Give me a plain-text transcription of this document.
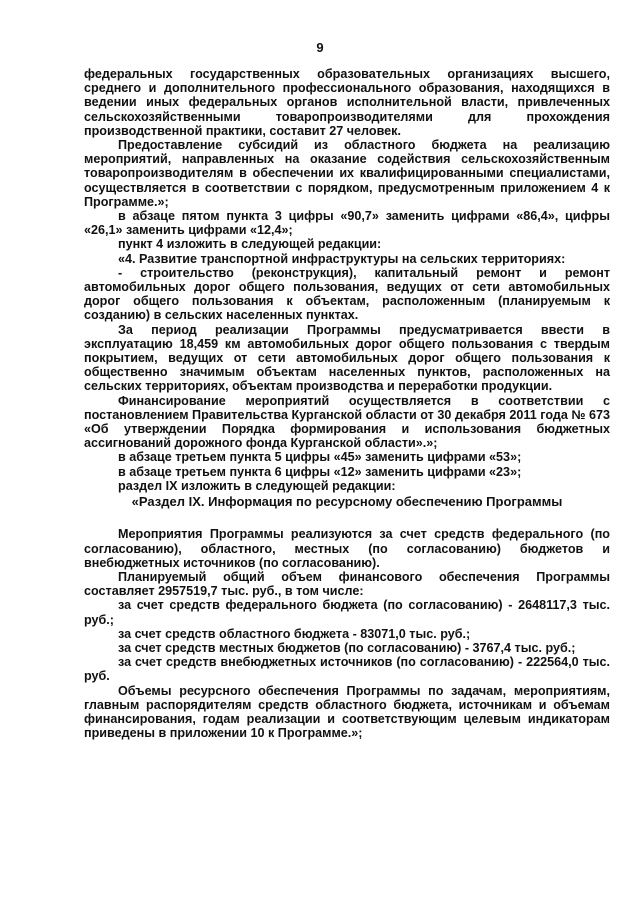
9

федеральных государственных образовательных организациях высшего, среднего и дополнительного профессионального образования, находящихся в ведении иных федеральных органов исполнительной власти, привлеченных сельскохозяйственными товаропроизводителями для прохождения производственной практики, составит 27 человек.

Предоставление субсидий из областного бюджета на реализацию мероприятий, направленных на оказание содействия сельскохозяйственным товаропроизводителям в обеспечении их квалифицированными специалистами, осуществляется в соответствии с порядком, предусмотренным приложением 4 к Программе.»;

в абзаце пятом пункта 3 цифры «90,7» заменить цифрами «86,4», цифры «26,1» заменить цифрами «12,4»;

пункт 4 изложить в следующей редакции:

«4. Развитие транспортной инфраструктуры на сельских территориях:

- строительство (реконструкция), капитальный ремонт и ремонт автомобильных дорог общего пользования, ведущих от сети автомобильных дорог общего пользования к объектам, расположенным (планируемым к созданию) в сельских населенных пунктах.

За период реализации Программы предусматривается ввести в эксплуатацию 18,459 км автомобильных дорог общего пользования с твердым покрытием, ведущих от сети автомобильных дорог общего пользования к общественно значимым объектам населенных пунктов, расположенных на сельских территориях, объектам производства и переработки продукции.

Финансирование мероприятий осуществляется в соответствии с постановлением Правительства Курганской области от 30 декабря 2011 года № 673 «Об утверждении Порядка формирования и использования бюджетных ассигнований дорожного фонда Курганской области».»;

в абзаце третьем пункта 5 цифры «45» заменить цифрами «53»;

в абзаце третьем пункта 6 цифры «12» заменить цифрами «23»;

раздел IX изложить в следующей редакции:

«Раздел IX. Информация по ресурсному обеспечению Программы

Мероприятия Программы реализуются за счет средств федерального (по согласованию), областного, местных (по согласованию) бюджетов и внебюджетных источников (по согласованию).

Планируемый общий объем финансового обеспечения Программы составляет 2957519,7 тыс. руб., в том числе:

за счет средств федерального бюджета (по согласованию) - 2648117,3 тыс. руб.;

за счет средств областного бюджета - 83071,0 тыс. руб.;

за счет средств местных бюджетов (по согласованию) - 3767,4 тыс. руб.;

за счет средств внебюджетных источников (по согласованию) - 222564,0 тыс. руб.

Объемы ресурсного обеспечения Программы по задачам, мероприятиям, главным распорядителям средств областного бюджета, источникам и объемам финансирования, годам реализации и соответствующим целевым индикаторам приведены в приложении 10 к Программе.»;
